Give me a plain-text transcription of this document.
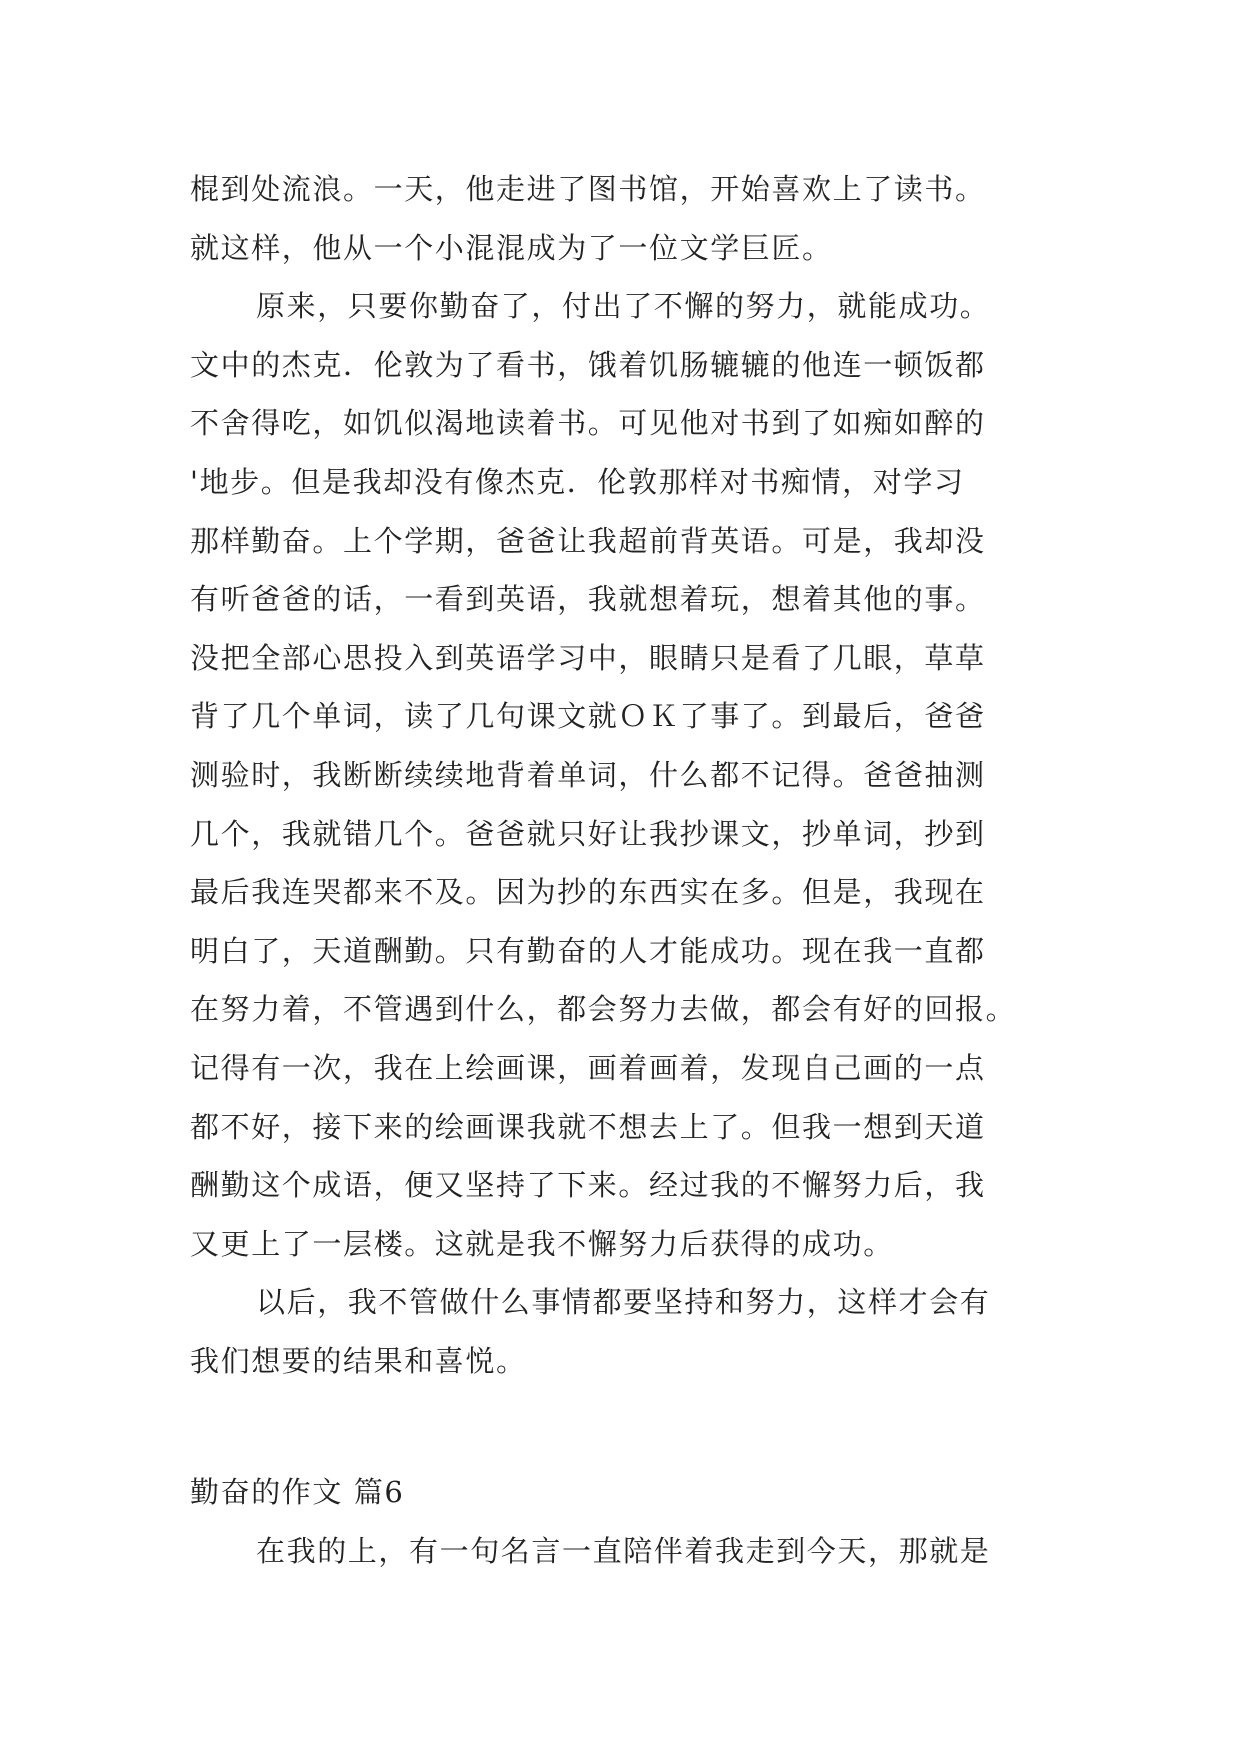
棍到处流浪。一天，他走进了图书馆，开始喜欢上了读书。
就这样，他从一个小混混成为了一位文学巨匠。
原来，只要你勤奋了，付出了不懈的努力，就能成功。
文中的杰克．伦敦为了看书，饿着饥肠辘辘的他连一顿饭都
不舍得吃，如饥似渴地读着书。可见他对书到了如痴如醉的
'地步。但是我却没有像杰克．伦敦那样对书痴情，对学习
那样勤奋。上个学期，爸爸让我超前背英语。可是，我却没
有听爸爸的话，一看到英语，我就想着玩，想着其他的事。
没把全部心思投入到英语学习中，眼睛只是看了几眼，草草
背了几个单词，读了几句课文就ＯＫ了事了。到最后，爸爸
测验时，我断断续续地背着单词，什么都不记得。爸爸抽测
几个，我就错几个。爸爸就只好让我抄课文，抄单词，抄到
最后我连哭都来不及。因为抄的东西实在多。但是，我现在
明白了，天道酬勤。只有勤奋的人才能成功。现在我一直都
在努力着，不管遇到什么，都会努力去做，都会有好的回报。
记得有一次，我在上绘画课，画着画着，发现自己画的一点
都不好，接下来的绘画课我就不想去上了。但我一想到天道
酬勤这个成语，便又坚持了下来。经过我的不懈努力后，我
又更上了一层楼。这就是我不懈努力后获得的成功。
以后，我不管做什么事情都要坚持和努力，这样才会有
我们想要的结果和喜悦。
勤奋的作文 篇6
在我的上，有一句名言一直陪伴着我走到今天，那就是
